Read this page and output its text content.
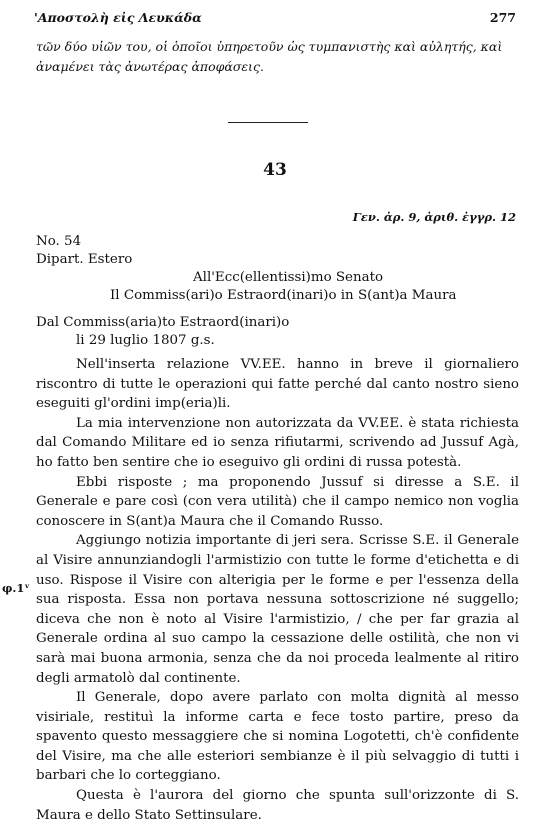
'Αποστολὴ εἰς Λευκάδα	277
τῶν δύο υἱῶν του, οἱ ὁποῖοι ὑπηρετοῦν ὡς τυμπανιστὴς καὶ αὐλητής, καὶ ἀναμένει τὰς ἀνωτέρας ἀποφάσεις.
43
Γεν. ἀρ. 9, ἀριθ. ἐγγρ. 12
No. 54
Dipart. Estero
All'Ecc(ellentissi)mo Senato
Il Commiss(ari)o Estraord(inari)o in S(ant)a Maura
Dal Commiss(aria)to Estraord(inari)o
li 29 luglio 1807 g.s.

Nell'inserta relazione VV.EE. hanno in breve il giornaliero riscontro di tutte le operazioni qui fatte perché dal canto nostro sieno eseguiti gl'ordini imp(eria)li.

La mia intervenzione non autorizzata da VV.EE. è stata richiesta dal Comando Militare ed io senza rifiutarmi, scrivendo ad Jussuf Agà, ho fatto ben sentire che io eseguivo gli ordini di russa potestà.

Ebbi risposte ; ma proponendo Jussuf si diresse a S.E. il Generale e pare così (con vera utilità) che il campo nemico non voglia conoscere in S(ant)a Maura che il Comando Russo.

Aggiungo notizia importante di jeri sera. Scrisse S.E. il Generale al Visire annunziandogli l'armistizio con tutte le forme d'etichetta e di uso. Rispose il Visire con alterigia per le forme e per l'essenza della sua risposta. Essa non portava nessuna sottoscrizione né suggello; diceva che non è noto al Visire l'armistizio, / che per far grazia al Generale ordina al suo campo la cessazione delle ostilità, che non vi sarà mai buona armonia, senza che da noi proceda lealmente al ritiro degli armatolò dal continente.

Il Generale, dopo avere parlato con molta dignità al messo visiriale, restituì la informe carta e fece tosto partire, preso da spavento questo messaggiere che si nomina Logotetti, ch'è confidente del Visire, ma che alle esteriori sembianze è il più selvaggio di tutti i barbari che lo corteggiano.

Questa è l'aurora del giorno che spunta sull'orizzonte di S. Maura e dello Stato Settinsulare.

φ.1ᵛ
